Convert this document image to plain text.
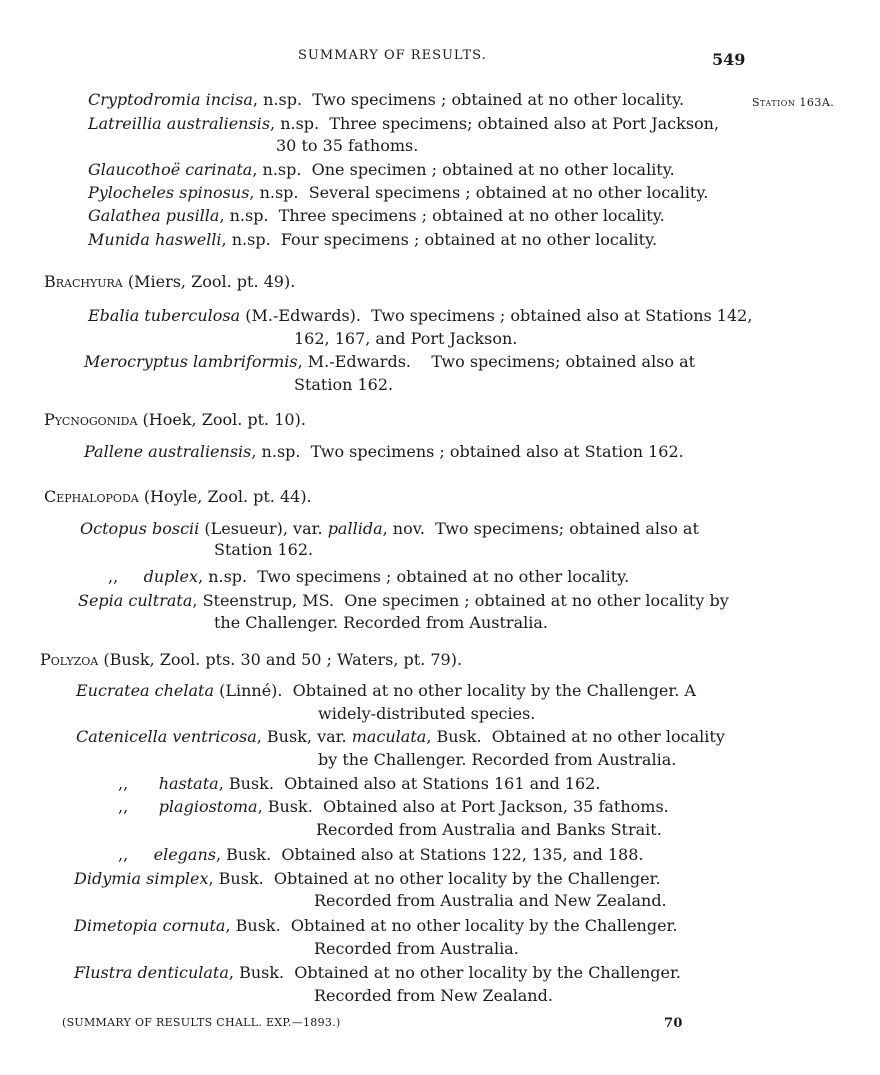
SUMMARY OF RESULTS.	549
Station 163A.
Cryptodromia incisa, n.sp. Two specimens ; obtained at no other locality.
Latreillia australiensis, n.sp. Three specimens; obtained also at Port Jackson,
30 to 35 fathoms.
Glaucothoë carinata, n.sp. One specimen ; obtained at no other locality.
Pylocheles spinosus, n.sp. Several specimens ; obtained at no other locality.
Galathea pusilla, n.sp. Three specimens ; obtained at no other locality.
Munida haswelli, n.sp. Four specimens ; obtained at no other locality.
Brachyura (Miers, Zool. pt. 49).
Ebalia tuberculosa (M.-Edwards). Two specimens ; obtained also at Stations 142,
162, 167, and Port Jackson.
Merocryptus lambriformis, M.-Edwards. Two specimens; obtained also at
Station 162.
Pycnogonida (Hoek, Zool. pt. 10).
Pallene australiensis, n.sp. Two specimens ; obtained also at Station 162.
Cephalopoda (Hoyle, Zool. pt. 44).
Octopus boscii (Lesueur), var. pallida, nov. Two specimens; obtained also at
Station 162.
,, duplex, n.sp. Two specimens ; obtained at no other locality.
Sepia cultrata, Steenstrup, MS. One specimen ; obtained at no other locality by
the Challenger. Recorded from Australia.
Polyzoa (Busk, Zool. pts. 30 and 50 ; Waters, pt. 79).
Eucratea chelata (Linné). Obtained at no other locality by the Challenger. A
widely-distributed species.
Catenicella ventricosa, Busk, var. maculata, Busk. Obtained at no other locality
by the Challenger. Recorded from Australia.
,, hastata, Busk. Obtained also at Stations 161 and 162.
,, plagiostoma, Busk. Obtained also at Port Jackson, 35 fathoms.
Recorded from Australia and Banks Strait.
,, elegans, Busk. Obtained also at Stations 122, 135, and 188.
Didymia simplex, Busk. Obtained at no other locality by the Challenger.
Recorded from Australia and New Zealand.
Dimetopia cornuta, Busk. Obtained at no other locality by the Challenger.
Recorded from Australia.
Flustra denticulata, Busk. Obtained at no other locality by the Challenger.
Recorded from New Zealand.
(SUMMARY OF RESULTS CHALL. EXP.—1893.)	70
